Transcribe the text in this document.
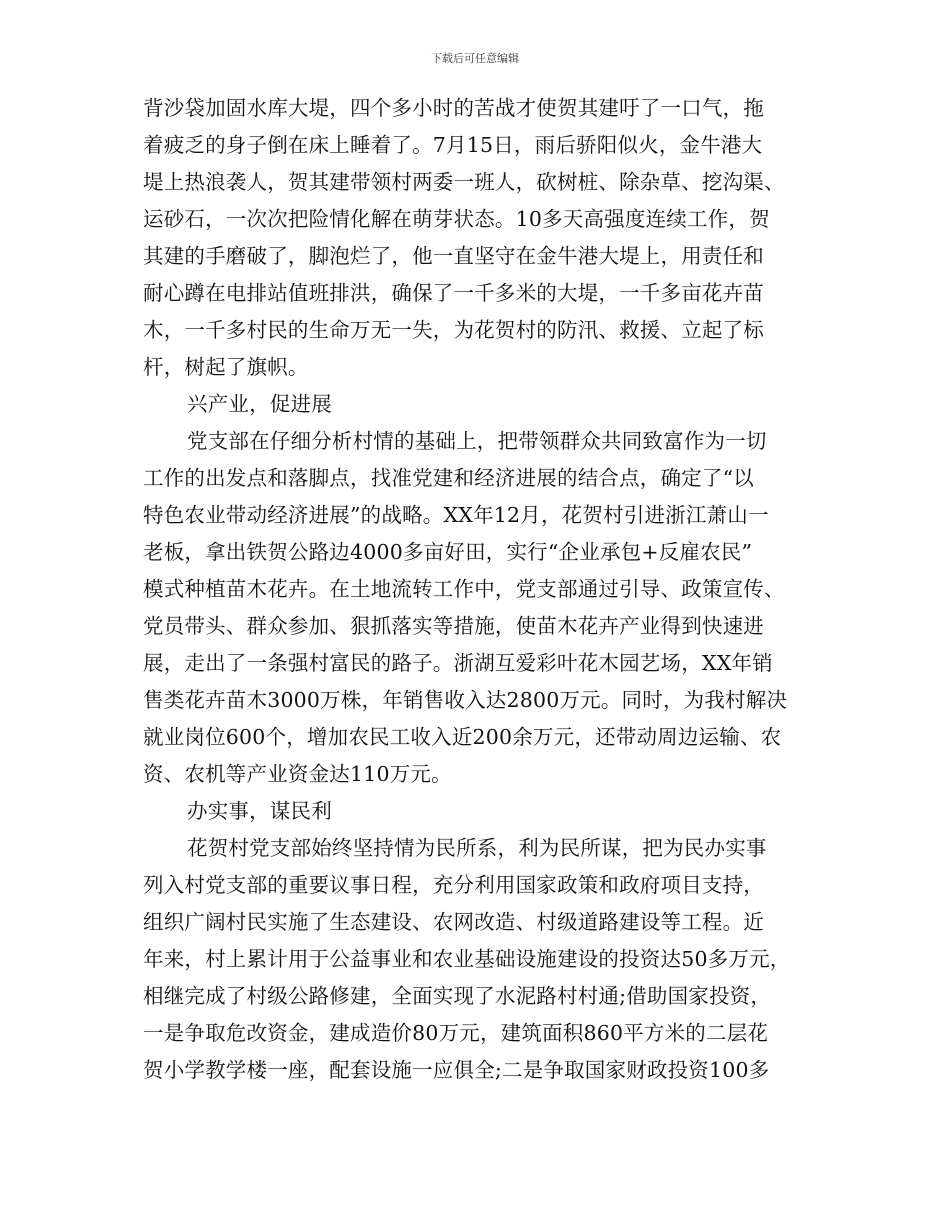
下载后可任意编辑
背沙袋加固水库大堤，四个多小时的苦战才使贺其建吁了一口气，拖
着疲乏的身子倒在床上睡着了。7月15日，雨后骄阳似火，金牛港大
堤上热浪袭人，贺其建带领村两委一班人，砍树桩、除杂草、挖沟渠、
运砂石，一次次把险情化解在萌芽状态。10多天高强度连续工作，贺
其建的手磨破了，脚泡烂了，他一直坚守在金牛港大堤上，用责任和
耐心蹲在电排站值班排洪，确保了一千多米的大堤，一千多亩花卉苗
木，一千多村民的生命万无一失，为花贺村的防汛、救援、立起了标
杆，树起了旗帜。
兴产业，促进展
党支部在仔细分析村情的基础上，把带领群众共同致富作为一切
工作的出发点和落脚点，找准党建和经济进展的结合点，确定了“以
特色农业带动经济进展”的战略。XX年12月，花贺村引进浙江萧山一
老板，拿出铁贺公路边4000多亩好田，实行“企业承包+反雇农民”
模式种植苗木花卉。在土地流转工作中，党支部通过引导、政策宣传、
党员带头、群众参加、狠抓落实等措施，使苗木花卉产业得到快速进
展，走出了一条强村富民的路子。浙湖互爱彩叶花木园艺场，XX年销
售类花卉苗木3000万株，年销售收入达2800万元。同时，为我村解决
就业岗位600个，增加农民工收入近200余万元，还带动周边运输、农
资、农机等产业资金达110万元。
办实事，谋民利
花贺村党支部始终坚持情为民所系，利为民所谋，把为民办实事
列入村党支部的重要议事日程，充分利用国家政策和政府项目支持，
组织广阔村民实施了生态建设、农网改造、村级道路建设等工程。近
年来，村上累计用于公益事业和农业基础设施建设的投资达50多万元，
相继完成了村级公路修建，全面实现了水泥路村村通;借助国家投资，
一是争取危改资金，建成造价80万元，建筑面积860平方米的二层花
贺小学教学楼一座，配套设施一应俱全;二是争取国家财政投资100多
